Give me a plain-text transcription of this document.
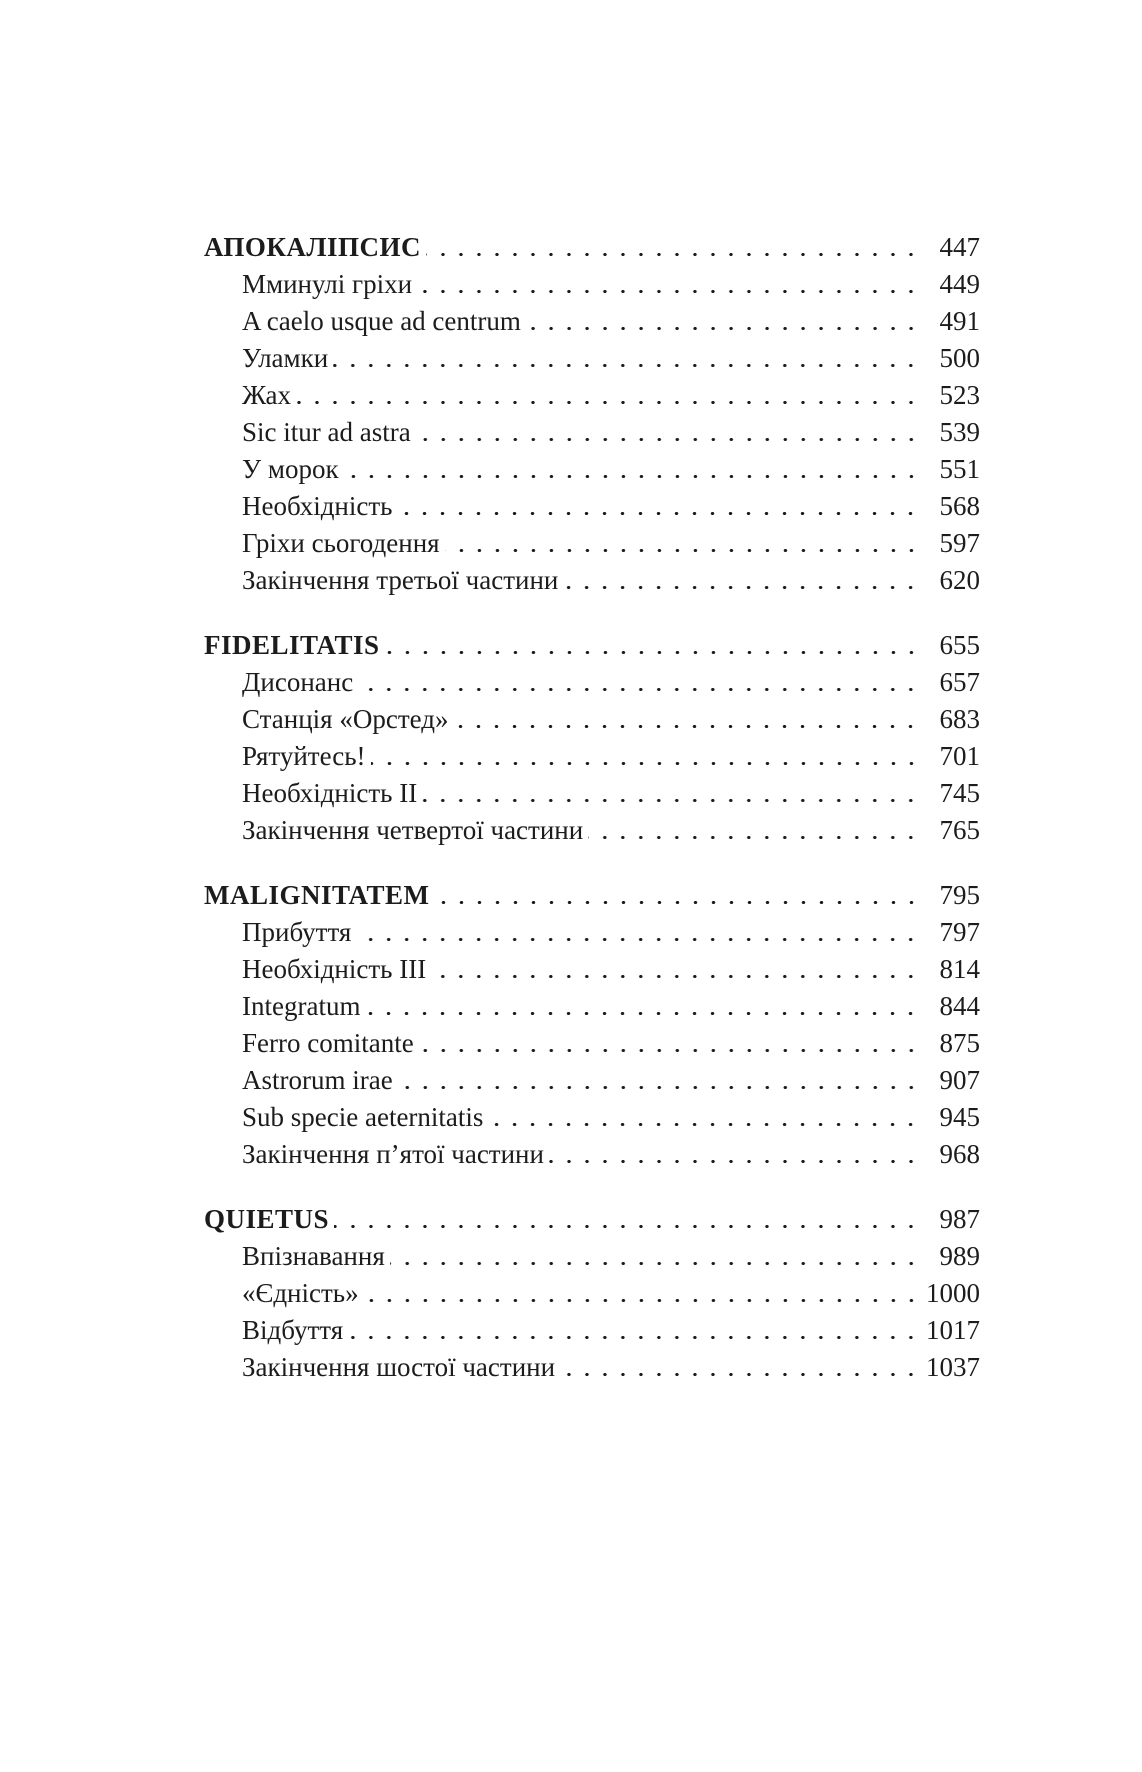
АПОКАЛІПСИС	447
Мминулі гріхи	449
A caelo usque ad centrum	491
Уламки	500
Жах	523
Sic itur ad astra	539
У морок	551
Необхідність	568
Гріхи сьогодення	597
Закінчення третьої частини	620
FIDELITATIS	655
Дисонанс	657
Станція «Орстед»	683
Рятуйтесь!	701
Необхідність II	745
Закінчення четвертої частини	765
MALIGNITATEM	795
Прибуття	797
Необхідність III	814
Integratum	844
Ferro comitante	875
Astrorum irae	907
Sub specie aeternitatis	945
Закінчення п’ятої частини	968
QUIETUS	987
Впізнавання	989
«Єдність»	1000
Відбуття	1017
Закінчення шостої частини	1037
